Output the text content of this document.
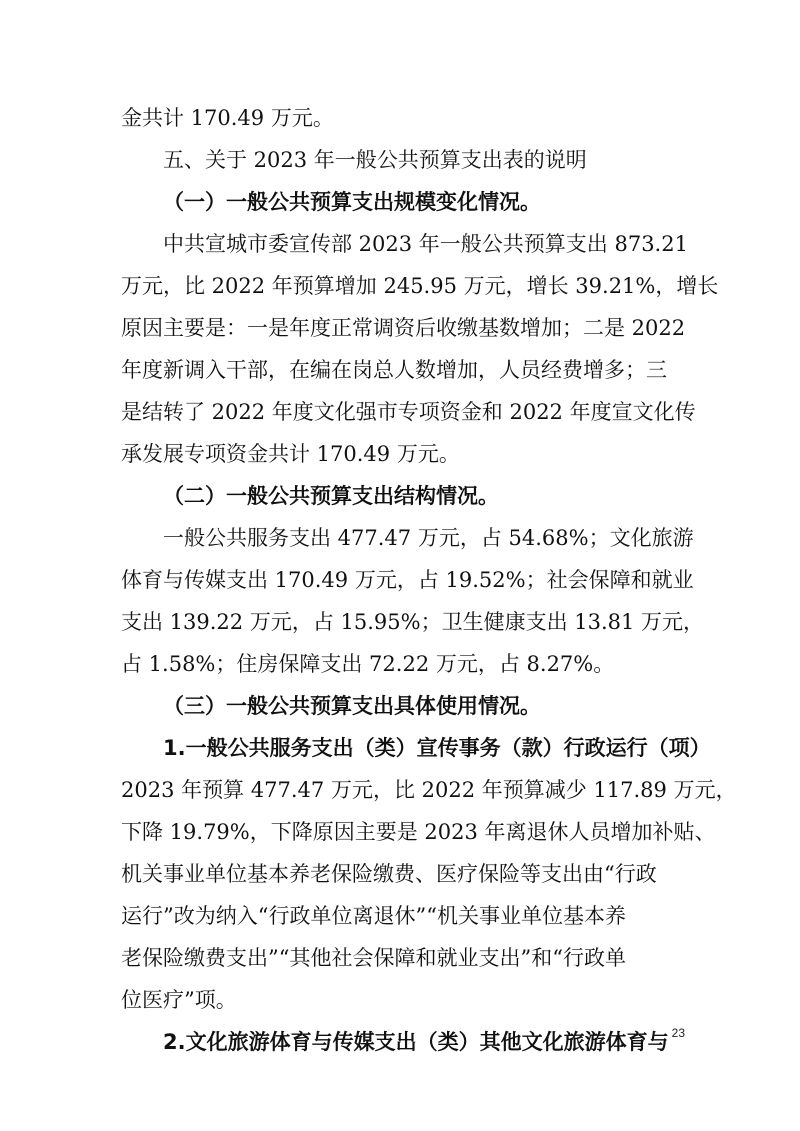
金共计 170.49 万元。

五、关于 2023 年一般公共预算支出表的说明

（一）一般公共预算支出规模变化情况。

中共宣城市委宣传部 2023 年一般公共预算支出 873.21

万元，比 2022 年预算增加 245.95 万元，增长 39.21%，增长

原因主要是：一是年度正常调资后收缴基数增加；二是 2022

年度新调入干部，在编在岗总人数增加，人员经费增多；三

是结转了 2022 年度文化强市专项资金和 2022 年度宣文化传

承发展专项资金共计 170.49 万元。

（二）一般公共预算支出结构情况。

一般公共服务支出 477.47 万元，占 54.68%；文化旅游

体育与传媒支出 170.49 万元，占 19.52%；社会保障和就业

支出 139.22 万元，占 15.95%；卫生健康支出 13.81 万元，

占 1.58%；住房保障支出 72.22 万元，占 8.27%。

（三）一般公共预算支出具体使用情况。

1.一般公共服务支出（类）宣传事务（款）行政运行（项）

2023 年预算 477.47 万元，比 2022 年预算减少 117.89 万元，

下降 19.79%，下降原因主要是 2023 年离退休人员增加补贴、

机关事业单位基本养老保险缴费、医疗保险等支出由“行政

运行”改为纳入“行政单位离退休”“机关事业单位基本养

老保险缴费支出”“其他社会保障和就业支出”和“行政单

位医疗”项。

2.文化旅游体育与传媒支出（类）其他文化旅游体育与 23
